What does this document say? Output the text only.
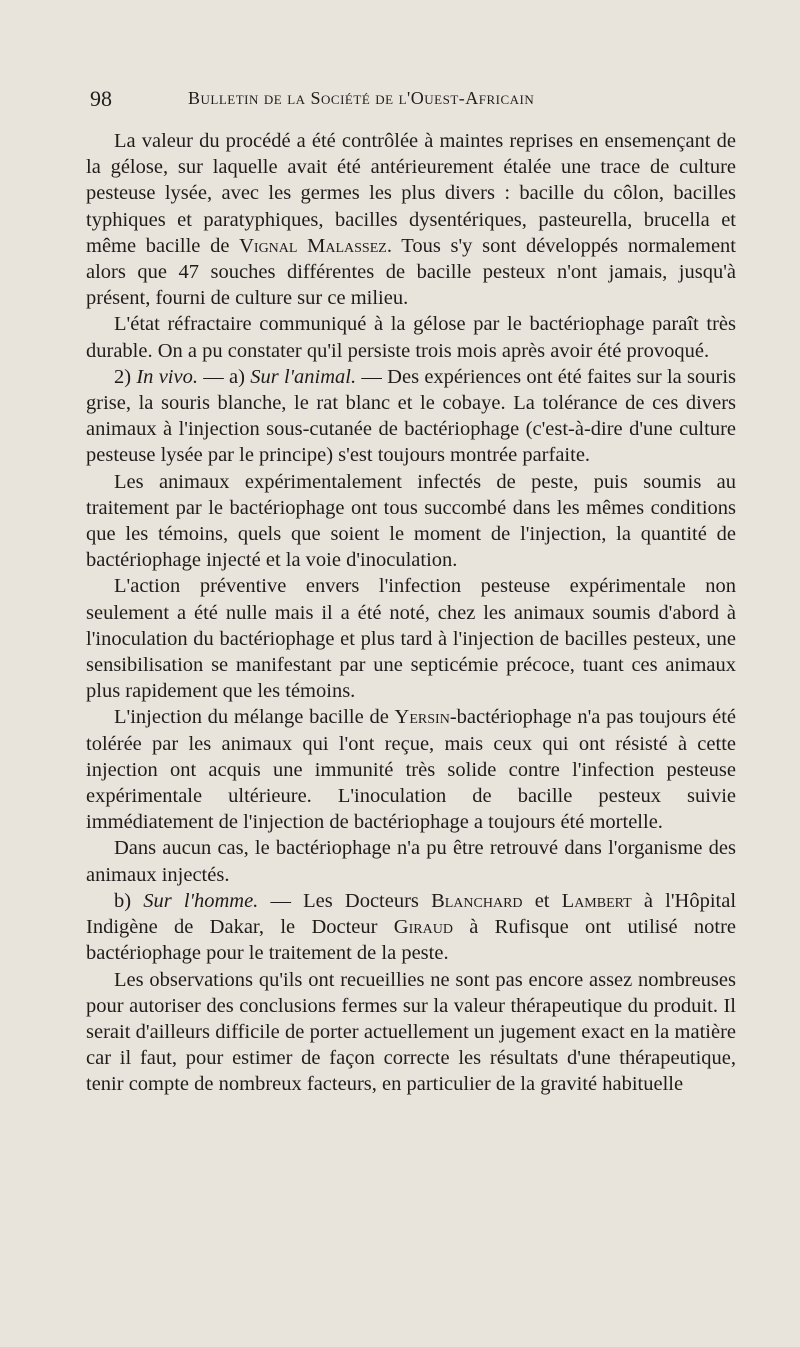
98	Bulletin de la Société de l'Ouest-Africain

La valeur du procédé a été contrôlée à maintes reprises en ensemençant de la gélose, sur laquelle avait été antérieurement étalée une trace de culture pesteuse lysée, avec les germes les plus divers : bacille du côlon, bacilles typhiques et paratyphiques, bacilles dysentériques, pasteurella, brucella et même bacille de Vignal Malassez. Tous s'y sont développés normalement alors que 47 souches différentes de bacille pesteux n'ont jamais, jusqu'à présent, fourni de culture sur ce milieu.

L'état réfractaire communiqué à la gélose par le bactériophage paraît très durable. On a pu constater qu'il persiste trois mois après avoir été provoqué.

2) In vivo. — a) Sur l'animal. — Des expériences ont été faites sur la souris grise, la souris blanche, le rat blanc et le cobaye. La tolérance de ces divers animaux à l'injection sous-cutanée de bactériophage (c'est-à-dire d'une culture pesteuse lysée par le principe) s'est toujours montrée parfaite.

Les animaux expérimentalement infectés de peste, puis soumis au traitement par le bactériophage ont tous succombé dans les mêmes conditions que les témoins, quels que soient le moment de l'injection, la quantité de bactériophage injecté et la voie d'inoculation.

L'action préventive envers l'infection pesteuse expérimentale non seulement a été nulle mais il a été noté, chez les animaux soumis d'abord à l'inoculation du bactériophage et plus tard à l'injection de bacilles pesteux, une sensibilisation se manifestant par une septicémie précoce, tuant ces animaux plus rapidement que les témoins.

L'injection du mélange bacille de Yersin-bactériophage n'a pas toujours été tolérée par les animaux qui l'ont reçue, mais ceux qui ont résisté à cette injection ont acquis une immunité très solide contre l'infection pesteuse expérimentale ultérieure. L'inoculation de bacille pesteux suivie immédiatement de l'injection de bactériophage a toujours été mortelle.

Dans aucun cas, le bactériophage n'a pu être retrouvé dans l'organisme des animaux injectés.

b) Sur l'homme. — Les Docteurs Blanchard et Lambert à l'Hôpital Indigène de Dakar, le Docteur Giraud à Rufisque ont utilisé notre bactériophage pour le traitement de la peste.

Les observations qu'ils ont recueillies ne sont pas encore assez nombreuses pour autoriser des conclusions fermes sur la valeur thérapeutique du produit. Il serait d'ailleurs difficile de porter actuellement un jugement exact en la matière car il faut, pour estimer de façon correcte les résultats d'une thérapeutique, tenir compte de nombreux facteurs, en particulier de la gravité habituelle
